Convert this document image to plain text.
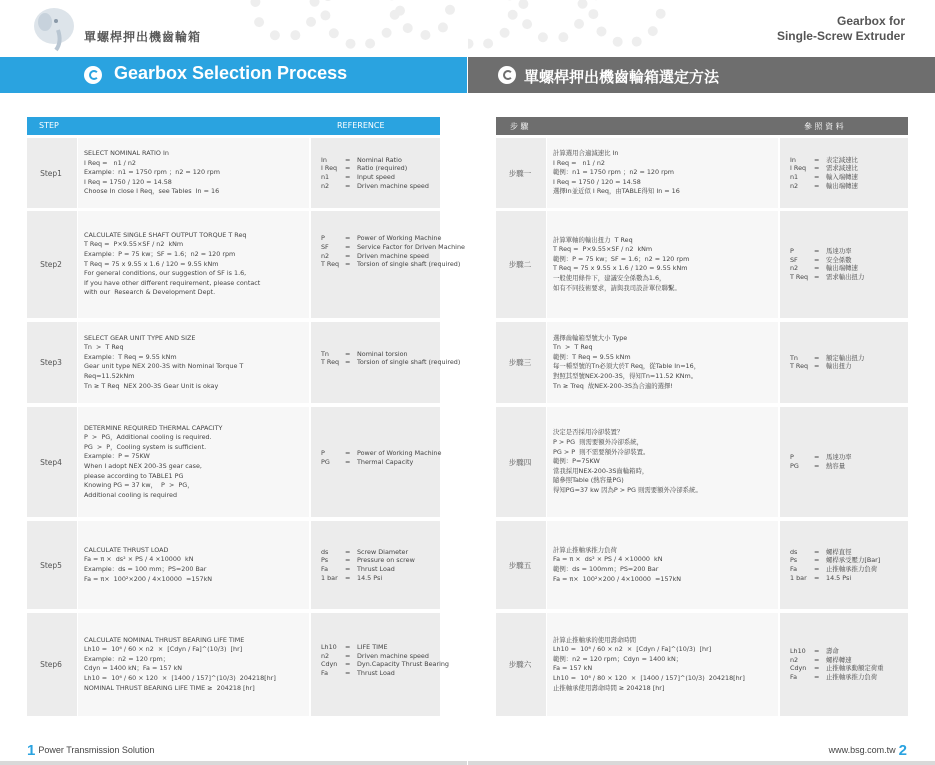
單螺桿押出機齒輪箱
Gearbox Selection Process
STEP	REFERENCE
Step1
SELECT NOMINAL RATIO In
I Req =   n1 / n2
Example：n1 = 1750 rpm ；n2 = 120 rpm
I Req = 1750 / 120 = 14.58
Choose In close I Req，see Tables  In = 16
In	=	Nominal Ratio
I Req	=	Ratio (required)
n1	=	Input speed
n2	=	Driven machine speed
Step2
CALCULATE SINGLE SHAFT OUTPUT TORQUE T Req
T Req =  P×9.55×SF / n2  kNm
Example：P = 75 kw；SF = 1.6；n2 = 120 rpm
T Req = 75 x 9.55 x 1.6 / 120 = 9.55 kNm
For general conditions, our suggestion of SF is 1.6,
If you have other different requirement, please contact
with our  Research & Development Dept.
P	=	Power of Working Machine
SF	=	Service Factor for Driven Machine
n2	=	Driven machine speed
T Req =	Torsion of single shaft (required)
Step3
SELECT GEAR UNIT TYPE AND SIZE
Tn  >  T Req
Example：T Req = 9.55 kNm
Gear unit type NEX 200-3S with Nominal Torque T
Req=11.52kNm
Tn ≥ T Req  NEX 200-3S Gear Unit is okay
Tn	=	Nominal torsion
T Req =	Torsion of single shaft (required)
Step4
DETERMINE REQUIRED THERMAL CAPACITY
P  >  PG，Additional cooling is required.
PG  >  P，Cooling system is sufficient.
Example：P = 75KW
When I adopt NEX 200-3S gear case,
please according to TABLE1 PG
Knowing PG = 37 kw，  P  >  PG，
Additional cooling is required
P	=	Power of Working Machine
PG	=	Thermal Capacity
Step5
CALCULATE THRUST LOAD
Fa = π ×  ds² × PS / 4 ×10000  kN
Example：ds = 100 mm；PS=200 Bar
Fa = π×  100²×200 / 4×10000  =157kN
ds	=	Screw Diameter
Ps	=	Pressure on screw
Fa	=	Thrust Load
1 bar	=	14.5 Psi
Step6
CALCULATE NOMINAL THRUST BEARING LIFE TIME
Lh10 =  10⁶ / 60 × n2  ×  [Cdyn / Fa]^(10/3)  [hr]
Example：n2 = 120 rpm；
Cdyn = 1400 kN；Fa = 157 kN
Lh10 =  10⁶ / 60 × 120  ×  [1400 / 157]^(10/3)  204218[hr]
NOMINAL THRUST BEARING LIFE TIME ≥  204218 [hr]
Lh10	=	LIFE TIME
n2	=	Driven machine speed
Cdyn	=	Dyn.Capacity Thrust Bearing
Fa	=	Thrust Load
1 Power Transmission Solution
Gearbox for
Single-Screw Extruder
單螺桿押出機齒輪箱選定方法
步 驟	參 照 資 料
步驟一
計算選用合適減速比 In
I Req =   n1 / n2
範例：n1 = 1750 rpm ；n2 = 120 rpm
I Req = 1750 / 120 = 14.58
選擇In並近似 I Req，由TABLE得知 In = 16
In	=	表定減速比
I Req	=	需求減速比
n1	=	輸入端轉速
n2	=	輸出端轉速
步驟二
計算單軸的輸出扭力  T Req
T Req =  P×9.55×SF / n2  kNm
範例：P = 75 kw；SF = 1.6；n2 = 120 rpm
T Req = 75 x 9.55 x 1.6 / 120 = 9.55 kNm
一般使用條件下，建議安全係數為1.6，
如有不同技術要求，請與我司設計單位聯繫。
P	=	馬達功率
SF	=	安全係數
n2	=	輸出端轉速
T Req =	需求輸出扭力
步驟三
選擇齒輪箱型號大小 Type
Tn  >  T Req
範例：T Req = 9.55 kNm
每一種型號的Tn必須大於T Req，從Table In=16，
對照其型號NEX-200-3S，得知Tn=11.52 KNm。
Tn ≥ Treq  故NEX-200-3S為合適的選擇!
Tn	=	額定輸出扭力
T Req =	輸出扭力
步驟四
決定是否採用冷卻裝置？
P > PG  則需要額外冷卻系統，
PG > P  則不需要額外冷卻裝置。
範例：P=75KW
當我採用NEX-200-3S齒輪箱時，
隨參照Table (熱容量PG)
得知PG=37 kw 因為P > PG 則需要額外冷卻系統。
P	=	馬達功率
PG	=	熱容量
步驟五
計算止推軸承推力負荷
Fa = π ×  ds² × PS / 4 ×10000  kN
範例：ds = 100mm；PS=200 Bar
Fa = π×  100²×200 / 4×10000  =157kN
ds	=	螺桿直徑
Ps	=	螺桿承受壓力[Bar]
Fa	=	止推軸承推力負荷
1 bar	=	14.5 Psi
步驟六
計算止推軸承的使用壽命時間
Lh10 =  10⁶ / 60 × n2  ×  [Cdyn / Fa]^(10/3)  [hr]
範例：n2 = 120 rpm；Cdyn = 1400 kN；
Fa = 157 kN
Lh10 =  10⁶ / 80 × 120  ×  [1400 / 157]^(10/3)  204218[hr]
止推軸承使用壽命時間 ≥ 204218 [hr]
Lh10	=	壽命
n2	=	螺桿轉速
Cdyn	=	止推軸承動額定荷重
Fa	=	止推軸承推力負荷
www.bsg.com.tw 2
